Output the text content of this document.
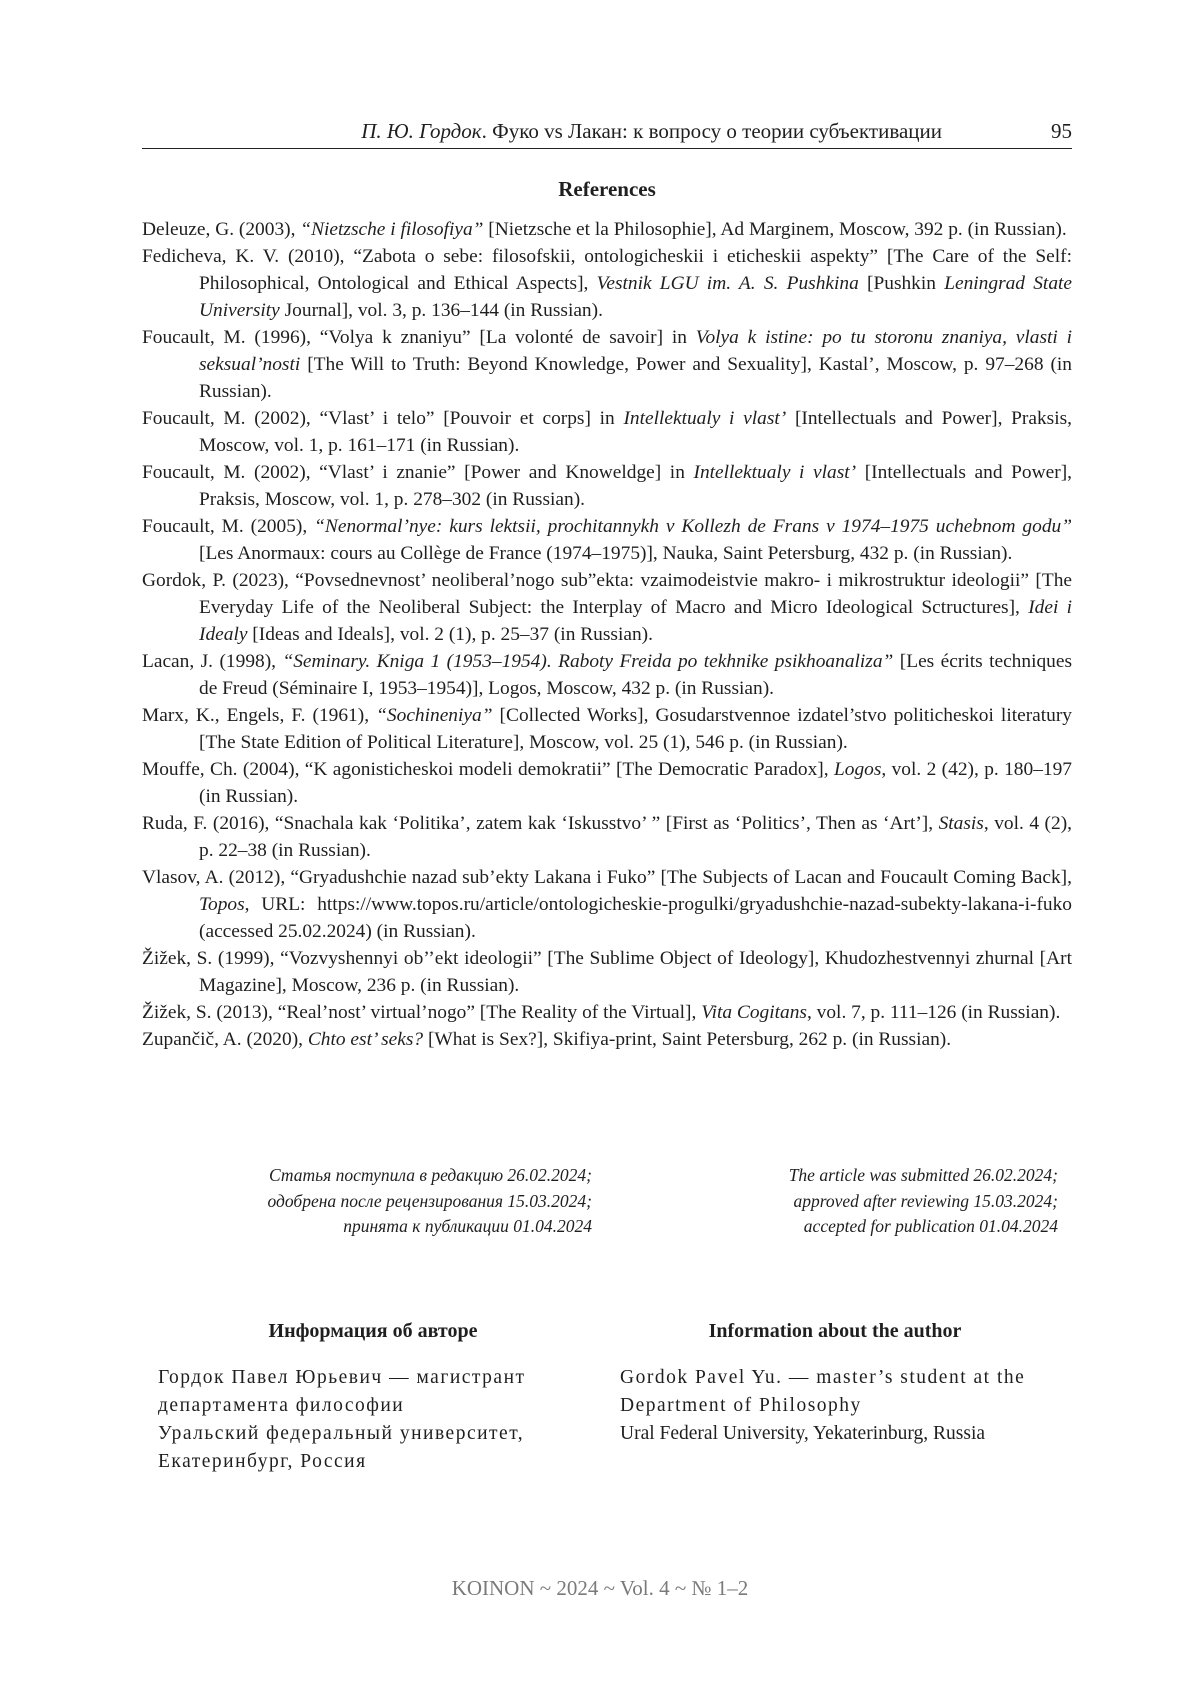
П. Ю. Гордок. Фуко vs Лакан: к вопросу о теории субъективации	95
References
Deleuze, G. (2003), “Nietzsche i filosofiya” [Nietzsche et la Philosophie], Ad Marginem, Moscow, 392 p. (in Russian).
Fedicheva, K. V. (2010), “Zabota o sebe: filosofskii, ontologicheskii i eticheskii aspekty” [The Care of the Self: Philosophical, Ontological and Ethical Aspects], Vestnik LGU im. A. S. Pushkina [Pushkin Leningrad State University Journal], vol. 3, p. 136–144 (in Russian).
Foucault, M. (1996), “Volya k znaniyu” [La volonté de savoir] in Volya k istine: po tu storonu znaniya, vlasti i seksual’nosti [The Will to Truth: Beyond Knowledge, Power and Sexuality], Kastal’, Moscow, p. 97–268 (in Russian).
Foucault, M. (2002), “Vlast’ i telo” [Pouvoir et corps] in Intellektualy i vlast’ [Intellectuals and Power], Praksis, Moscow, vol. 1, p. 161–171 (in Russian).
Foucault, M. (2002), “Vlast’ i znanie” [Power and Knoweldge] in Intellektualy i vlast’ [Intellectuals and Power], Praksis, Moscow, vol. 1, p. 278–302 (in Russian).
Foucault, M. (2005), “Nenormal’nye: kurs lektsii, prochitannykh v Kollezh de Frans v 1974–1975 uchebnom godu” [Les Anormaux: cours au Collège de France (1974–1975)], Nauka, Saint Petersburg, 432 p. (in Russian).
Gordok, P. (2023), “Povsednevnost’ neoliberal’nogo sub”ekta: vzaimodeistvie makro- i mikrostruktur ideologii” [The Everyday Life of the Neoliberal Subject: the Interplay of Macro and Micro Ideological Sctructures], Idei i Idealy [Ideas and Ideals], vol. 2 (1), p. 25–37 (in Russian).
Lacan, J. (1998), “Seminary. Kniga 1 (1953–1954). Raboty Freida po tekhnike psikhoanaliza” [Les écrits techniques de Freud (Séminaire I, 1953–1954)], Logos, Moscow, 432 p. (in Russian).
Marx, K., Engels, F. (1961), “Sochineniya” [Collected Works], Gosudarstvennoe izdatel’stvo politicheskoi literatury [The State Edition of Political Literature], Moscow, vol. 25 (1), 546 p. (in Russian).
Mouffe, Ch. (2004), “K agonisticheskoi modeli demokratii” [The Democratic Paradox], Logos, vol. 2 (42), p. 180–197 (in Russian).
Ruda, F. (2016), “Snachala kak ‘Politika’, zatem kak ‘Iskusstvo’ ” [First as ‘Politics’, Then as ‘Art’], Stasis, vol. 4 (2), p. 22–38 (in Russian).
Vlasov, A. (2012), “Gryadushchie nazad sub’ekty Lakana i Fuko” [The Subjects of Lacan and Foucault Coming Back], Topos, URL: https://www.topos.ru/article/ontologicheskie-progulki/gryadushchie-nazad-subekty-lakana-i-fuko (accessed 25.02.2024) (in Russian).
Žižek, S. (1999), “Vozvyshennyi ob’’ekt ideologii” [The Sublime Object of Ideology], Khudozhestvennyi zhurnal [Art Magazine], Moscow, 236 p. (in Russian).
Žižek, S. (2013), “Real’nost’ virtual’nogo” [The Reality of the Virtual], Vita Cogitans, vol. 7, p. 111–126 (in Russian).
Zupančič, A. (2020), Chto est’ seks? [What is Sex?], Skifiya-print, Saint Petersburg, 262 p. (in Russian).
Статья поступила в редакцию 26.02.2024;
одобрена после рецензирования 15.03.2024;
принята к публикации 01.04.2024
The article was submitted 26.02.2024;
approved after reviewing 15.03.2024;
accepted for publication 01.04.2024
Информация об авторе

Гордок Павел Юрьевич — магистрант департамента философии

Уральский федеральный университет, Екатеринбург, Россия

Information about the author

Gordok Pavel Yu. — master’s student at the Department of Philosophy

Ural Federal University, Yekaterinburg, Russia

KOINON ~ 2024 ~ Vol. 4 ~ № 1–2
